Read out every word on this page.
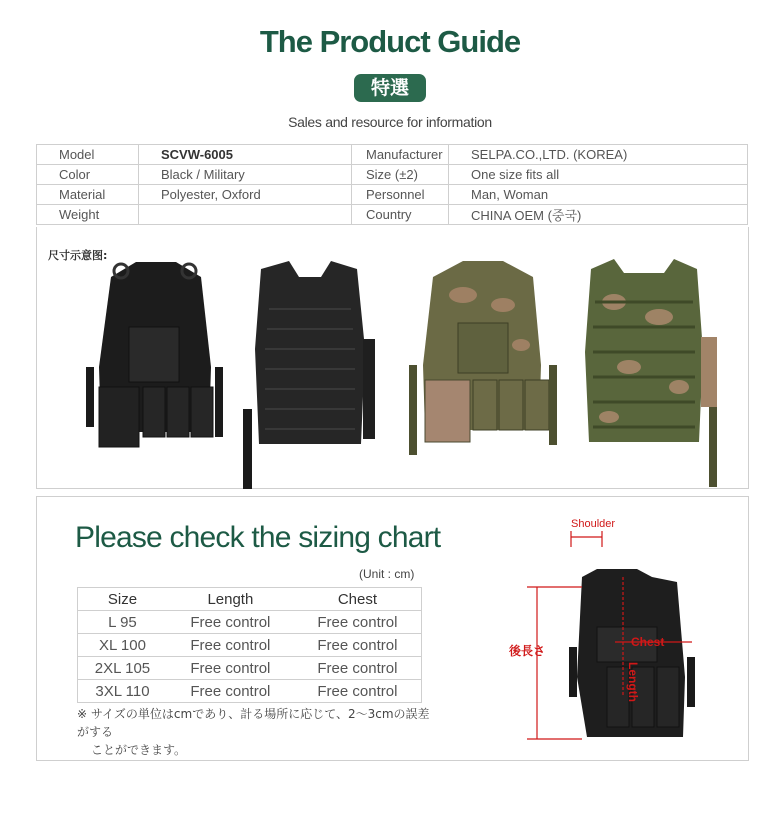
The Product Guide
特選
Sales and resource for information
Model	SCVW-6005	Manufacturer	SELPA.CO.,LTD. (KOREA)
Color	Black / Military	Size (±2)	One size fits all
Material	Polyester, Oxford	Personnel	Man, Woman
Weight		Country	CHINA OEM (중국)
尺寸示意图:
Please check the sizing chart
(Unit : cm)
Size	Length	Chest
L 95	Free control	Free control
XL 100	Free control	Free control
2XL 105	Free control	Free control
3XL 110	Free control	Free control
※ サイズの単位はcmであり、計る場所に応じて、2～3cmの誤差がする
ことができます。
Shoulder
Chest
後長さ
Length
